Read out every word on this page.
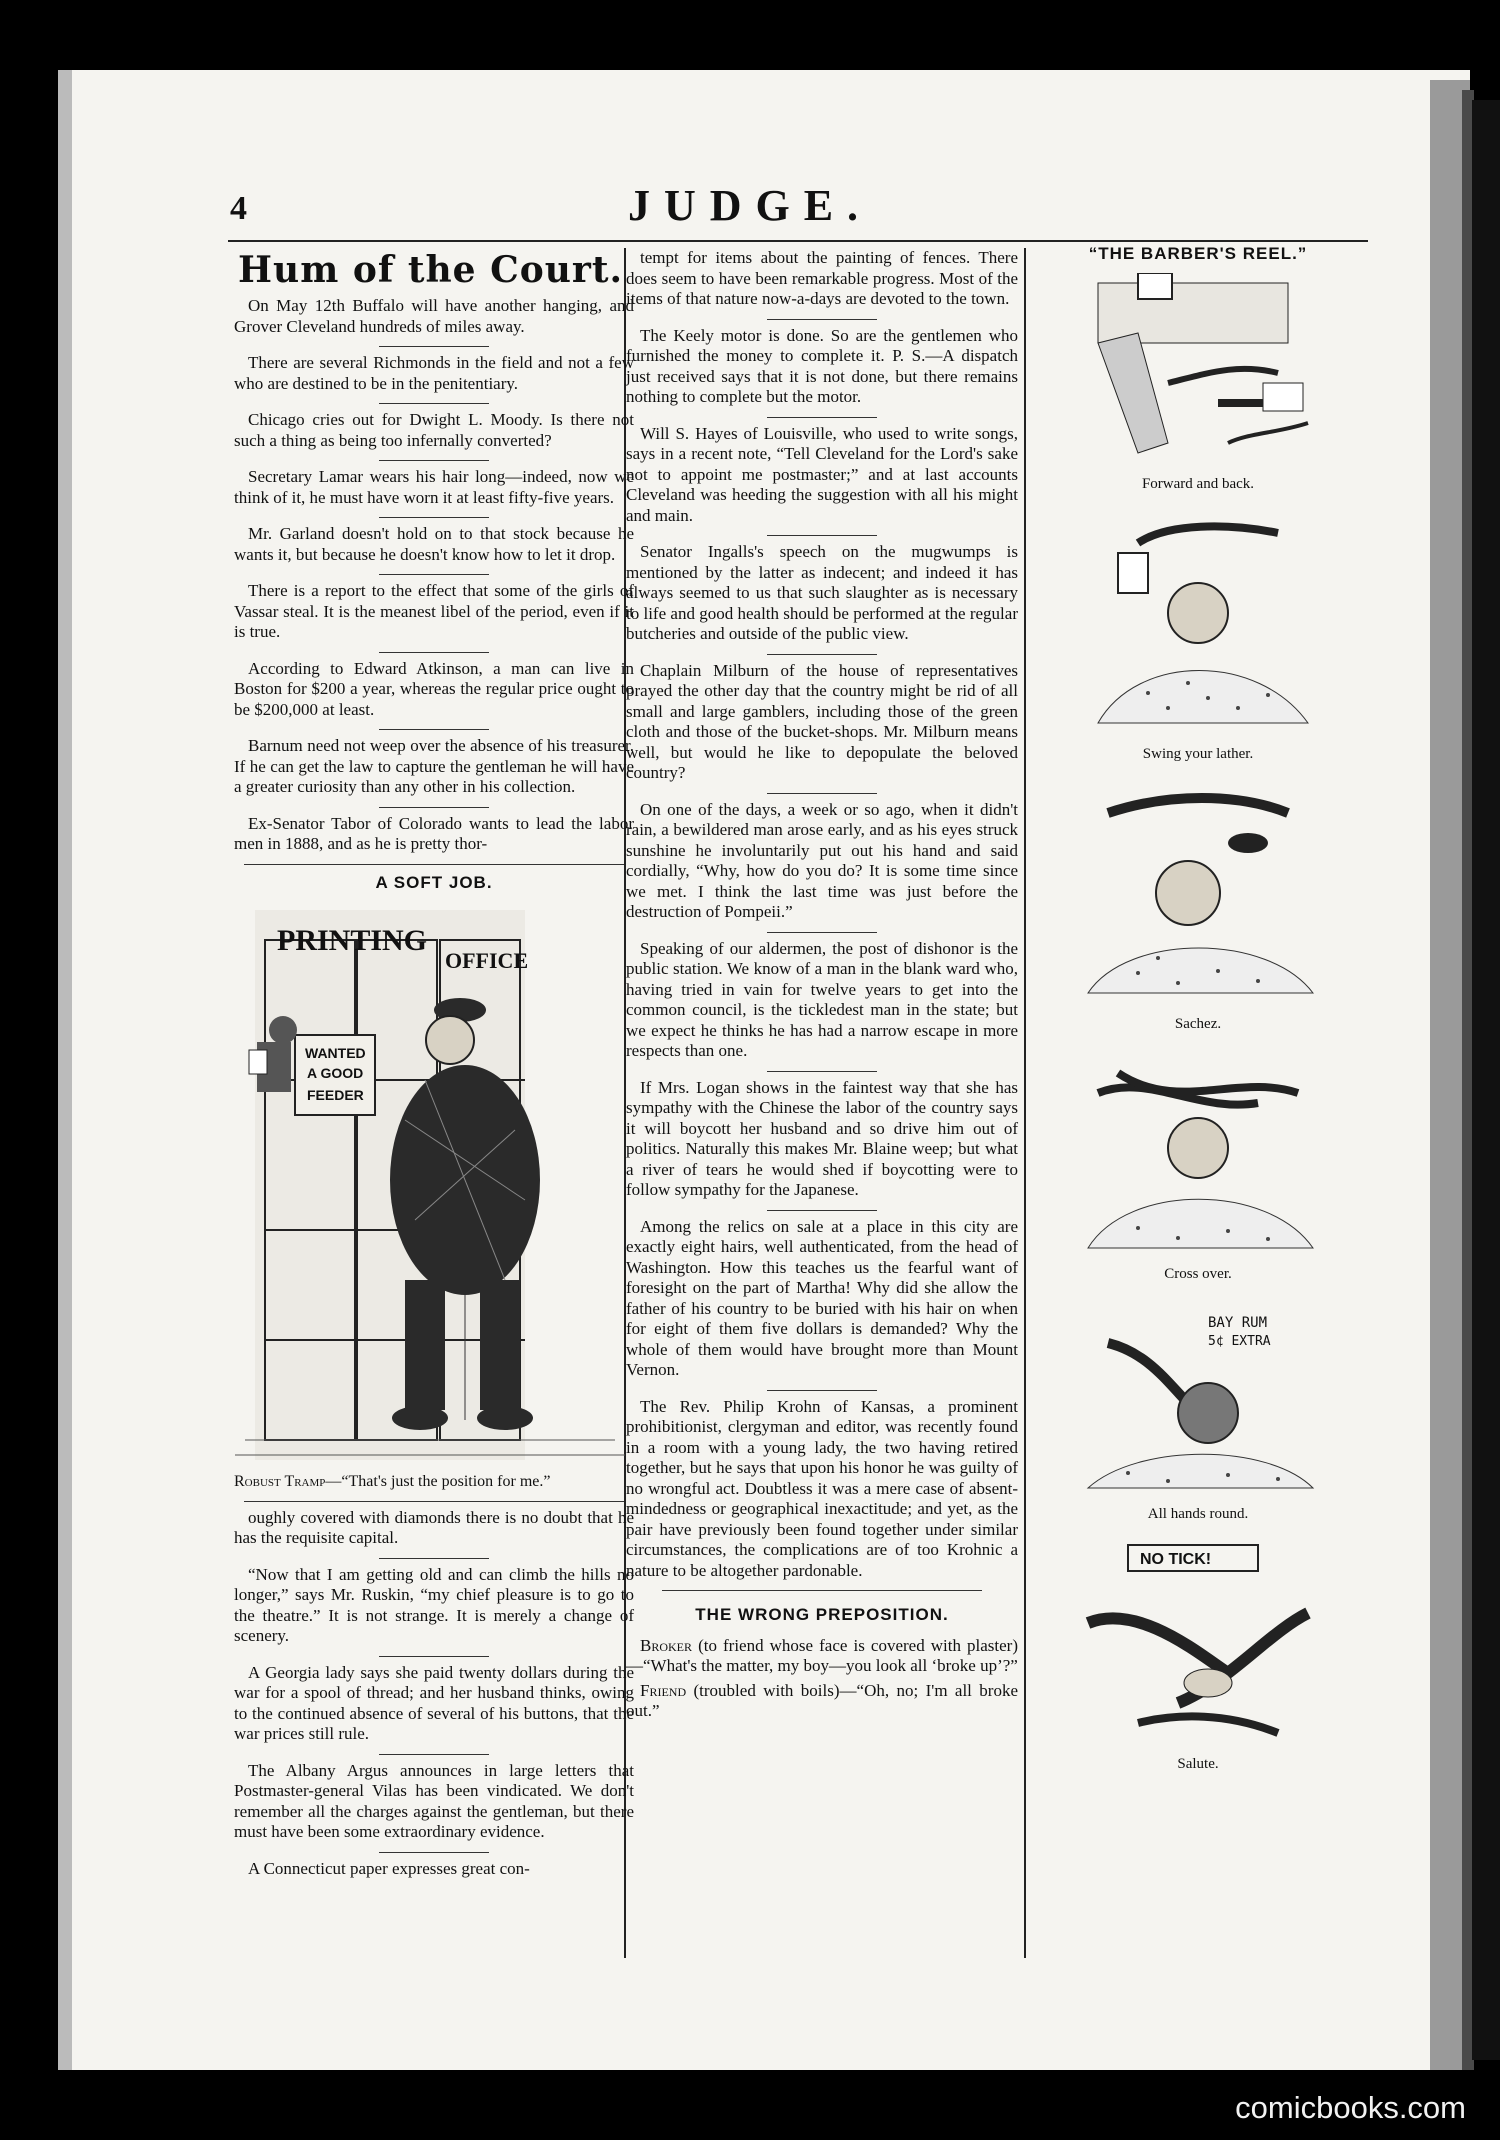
4	JUDGE.
Hum of the Court.

On May 12th Buffalo will have another hanging, and Grover Cleveland hundreds of miles away.

There are several Richmonds in the field and not a few who are destined to be in the penitentiary.

Chicago cries out for Dwight L. Moody. Is there not such a thing as being too infernally converted?

Secretary Lamar wears his hair long—indeed, now we think of it, he must have worn it at least fifty-five years.

Mr. Garland doesn't hold on to that stock because he wants it, but because he doesn't know how to let it drop.

There is a report to the effect that some of the girls of Vassar steal. It is the meanest libel of the period, even if it is true.

According to Edward Atkinson, a man can live in Boston for $200 a year, whereas the regular price ought to be $200,000 at least.

Barnum need not weep over the absence of his treasurer. If he can get the law to capture the gentleman he will have a greater curiosity than any other in his collection.

Ex-Senator Tabor of Colorado wants to lead the labor men in 1888, and as he is pretty thor-

A SOFT JOB.
PRINTING
OFFICE
WANTED
A GOOD
FEEDER
Robust Tramp—“That's just the position for me.”

oughly covered with diamonds there is no doubt that he has the requisite capital.

“Now that I am getting old and can climb the hills no longer,” says Mr. Ruskin, “my chief pleasure is to go to the theatre.” It is not strange. It is merely a change of scenery.

A Georgia lady says she paid twenty dollars during the war for a spool of thread; and her husband thinks, owing to the continued absence of several of his buttons, that the war prices still rule.

The Albany Argus announces in large letters that Postmaster-general Vilas has been vindicated. We don't remember all the charges against the gentleman, but there must have been some extraordinary evidence.

A Connecticut paper expresses great con-

tempt for items about the painting of fences. There does seem to have been remarkable progress. Most of the items of that nature now-a-days are devoted to the town.

The Keely motor is done. So are the gentlemen who furnished the money to complete it. P. S.—A dispatch just received says that it is not done, but there remains nothing to complete but the motor.

Will S. Hayes of Louisville, who used to write songs, says in a recent note, “Tell Cleveland for the Lord's sake not to appoint me postmaster;” and at last accounts Cleveland was heeding the suggestion with all his might and main.

Senator Ingalls's speech on the mugwumps is mentioned by the latter as indecent; and indeed it has always seemed to us that such slaughter as is necessary to life and good health should be performed at the regular butcheries and outside of the public view.

Chaplain Milburn of the house of representatives prayed the other day that the country might be rid of all small and large gamblers, including those of the green cloth and those of the bucket-shops. Mr. Milburn means well, but would he like to depopulate the beloved country?

On one of the days, a week or so ago, when it didn't rain, a bewildered man arose early, and as his eyes struck sunshine he involuntarily put out his hand and said cordially, “Why, how do you do? It is some time since we met. I think the last time was just before the destruction of Pompeii.”

Speaking of our aldermen, the post of dishonor is the public station. We know of a man in the blank ward who, having tried in vain for twelve years to get into the common council, is the tickledest man in the state; but we expect he thinks he has had a narrow escape in more respects than one.

If Mrs. Logan shows in the faintest way that she has sympathy with the Chinese the labor of the country says it will boycott her husband and so drive him out of politics. Naturally this makes Mr. Blaine weep; but what a river of tears he would shed if boycotting were to follow sympathy for the Japanese.

Among the relics on sale at a place in this city are exactly eight hairs, well authenticated, from the head of Washington. How this teaches us the fearful want of foresight on the part of Martha! Why did she allow the father of his country to be buried with his hair on when for eight of them five dollars is demanded? Why the whole of them would have brought more than Mount Vernon.

The Rev. Philip Krohn of Kansas, a prominent prohibitionist, clergyman and editor, was recently found in a room with a young lady, the two having retired together, but he says that upon his honor he was guilty of no wrongful act. Doubtless it was a mere case of absent-mindedness or geographical inexactitude; and yet, as the pair have previously been found together under similar circumstances, the complications are of too Krohnic a nature to be altogether pardonable.

THE WRONG PREPOSITION.

Broker (to friend whose face is covered with plaster)—“What's the matter, my boy—you look all ‘broke up’?”

Friend (troubled with boils)—“Oh, no; I'm all broke out.”

“THE BARBER'S REEL.”
Forward and back.
Swing your lather.
Sachez.
Cross over.
BAY RUM
5¢ EXTRA
All hands round.
NO TICK!
Salute.
comicbooks.com
